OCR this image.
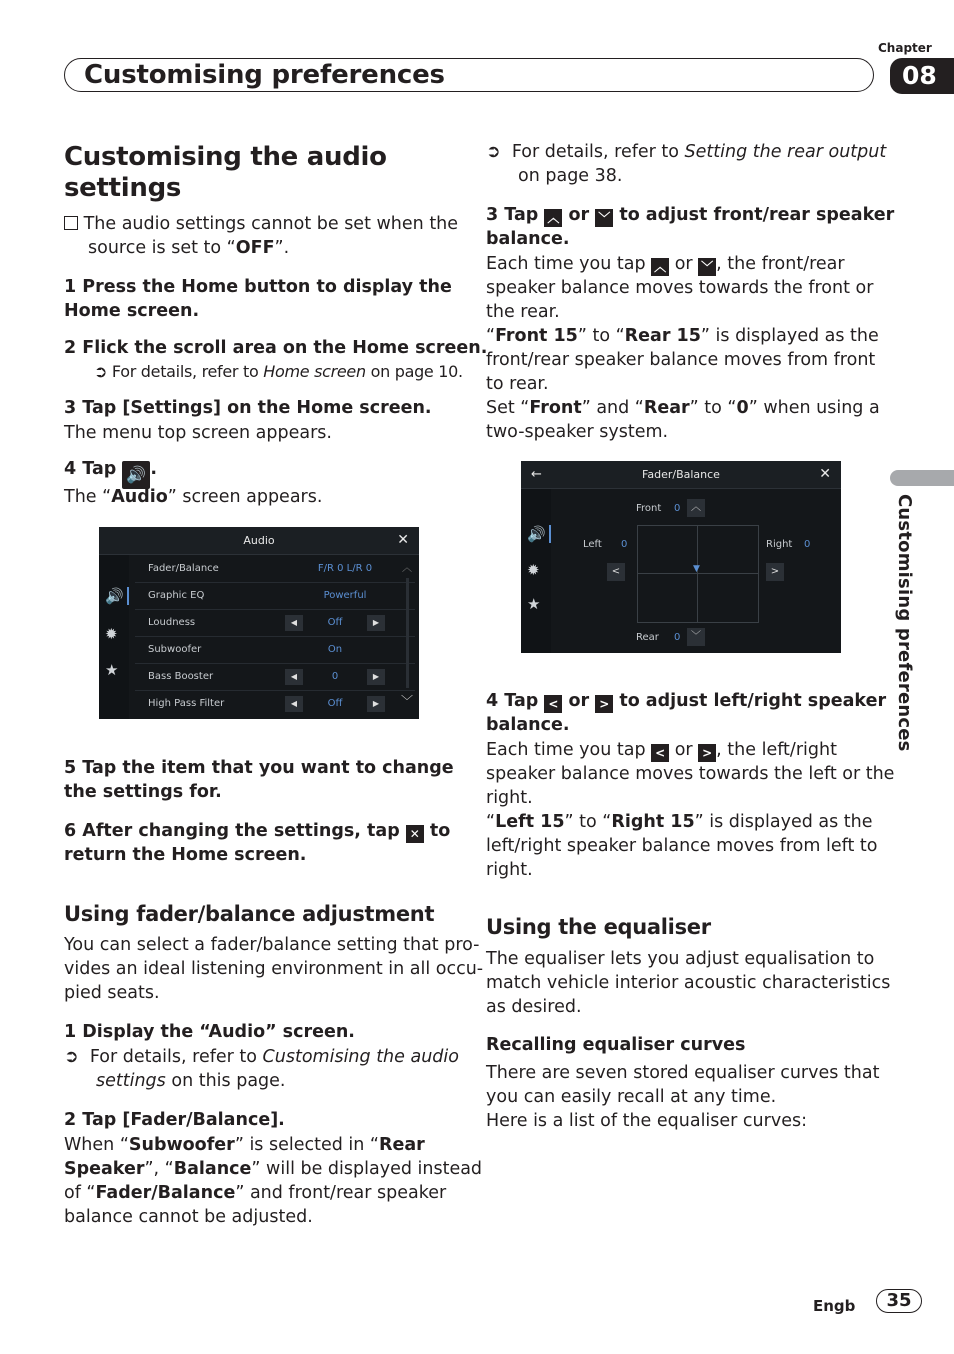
Customising preferences
Chapter
08
Customising preferences
Customising the audio
settings
The audio settings cannot be set when the
source is set to “OFF”.
1 Press the Home button to display the
Home screen.
2 Flick the scroll area on the Home screen.
➲ For details, refer to Home screen on page 10.
3 Tap [Settings] on the Home screen.
The menu top screen appears.
4 Tap 🔊 .
The “Audio” screen appears.
Audio	✕
🔊
✹
★
Fader/Balance	F/R 0 L/R 0
Graphic EQ	Powerful
Loudness	◀	Off	▶
Subwoofer	On
Bass Booster	◀	0	▶
High Pass Filter	◀	Off	▶
︿
﹀
5 Tap the item that you want to change
the settings for.
6 After changing the settings, tap ✕ to
return the Home screen.
Using fader/balance adjustment
You can select a fader/balance setting that pro-
vides an ideal listening environment in all occu-
pied seats.
1 Display the “Audio” screen.
➲ For details, refer to Customising the audio
settings on this page.
2 Tap [Fader/Balance].
When “Subwoofer” is selected in “Rear
Speaker”, “Balance” will be displayed instead
of “Fader/Balance” and front/rear speaker
balance cannot be adjusted.
➲ For details, refer to Setting the rear output
on page 38.
3 Tap ︿ or ﹀ to adjust front/rear speaker
balance.
Each time you tap ︿ or ﹀ , the front/rear
speaker balance moves towards the front or
the rear.
“Front 15” to “Rear 15” is displayed as the
front/rear speaker balance moves from front
to rear.
Set “Front” and “Rear” to “0” when using a
two-speaker system.
Fader/Balance
←	✕
🔊
✹
★
Front 0	︿
Left 0
<
Right 0
>
▼
Rear 0	﹀
4 Tap < or > to adjust left/right speaker
balance.
Each time you tap < or > , the left/right
speaker balance moves towards the left or the
right.
“Left 15” to “Right 15” is displayed as the
left/right speaker balance moves from left to
right.
Using the equaliser
The equaliser lets you adjust equalisation to
match vehicle interior acoustic characteristics
as desired.
Recalling equaliser curves
There are seven stored equaliser curves that
you can easily recall at any time.
Here is a list of the equaliser curves:
Engb	35
